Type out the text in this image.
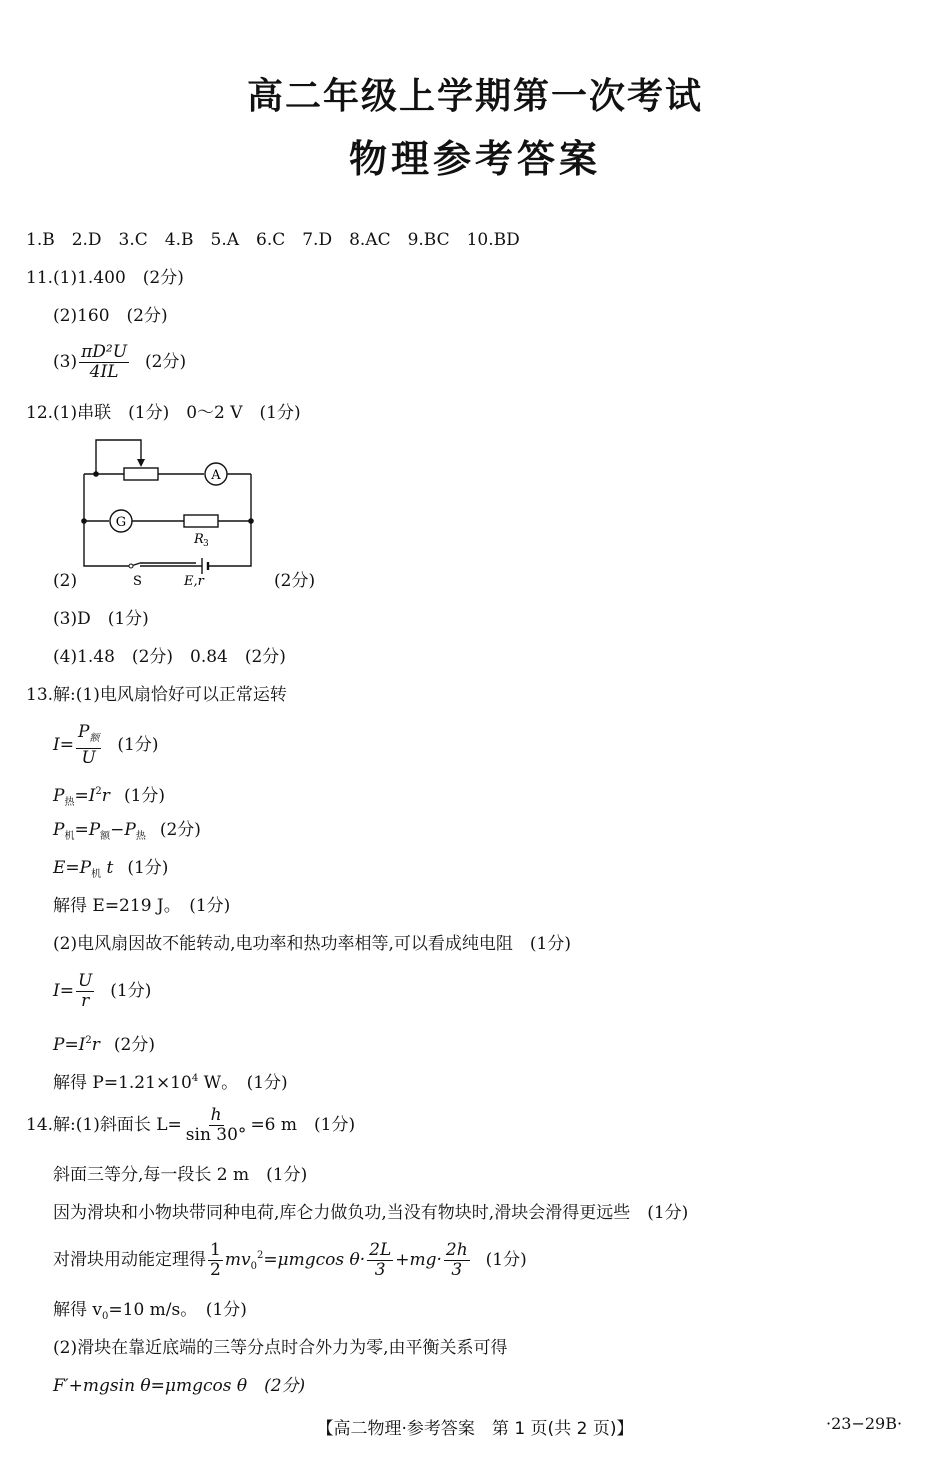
高二年级上学期第一次考试
物理参考答案
1.B　2.D　3.C　4.B　5.A　6.C　7.D　8.AC　9.BC　10.BD
11.(1)1.400　(2分)
(2)160　(2分)
$(3) \frac{\text{πD²U}}{4IL} (2$分)
12.(1)串联　(1分)　0～2 V　(1分)
A
G
R 3
S	E,r
(2)	(2分)
(3)D　(1分)
(4)1.48　(2分)　0.84　(2分)
13.解:(1)电风扇恰好可以正常运转
$I= \frac{P_额}{U} (1$分)
$P_热=I^2r$ (1分)
$P_机=P_额-P_热$ (2分)
$E=P_机$ t (1分)
解得 E=219 J。　(1分)
(2)电风扇因故不能转动,电功率和热功率相等,可以看成纯电阻　(1分)
$I= \frac{U}{r} (1$分)
$P=I^2r$ (2分)
解得 $P=1.21\times 10^4$ W。　(1分)
14.解:(1)斜面长 $L= \frac{h}{\sin 30^\circ} =6$ m　(1分)
斜面三等分,每一段长 2 m　(1分)
因为滑块和小物块带同种电荷,库仑力做负功,当没有物块时,滑块会滑得更远些　(1分)
对滑块用动能定理得 $\frac{1}{2} mv_0^2=\mu mgcos$ $\theta\cdot \frac{2L}{3} +mg\cdot \frac{2h}{3} (1$分)
解得 $v_0=10$ m/s。　(1分)
(2)滑块在靠近底端的三等分点时合外力为零,由平衡关系可得
F′+mgsin θ=μmgcos θ　(2分)
【高二物理·参考答案　第 1 页(共 2 页)】	·23−29B·
